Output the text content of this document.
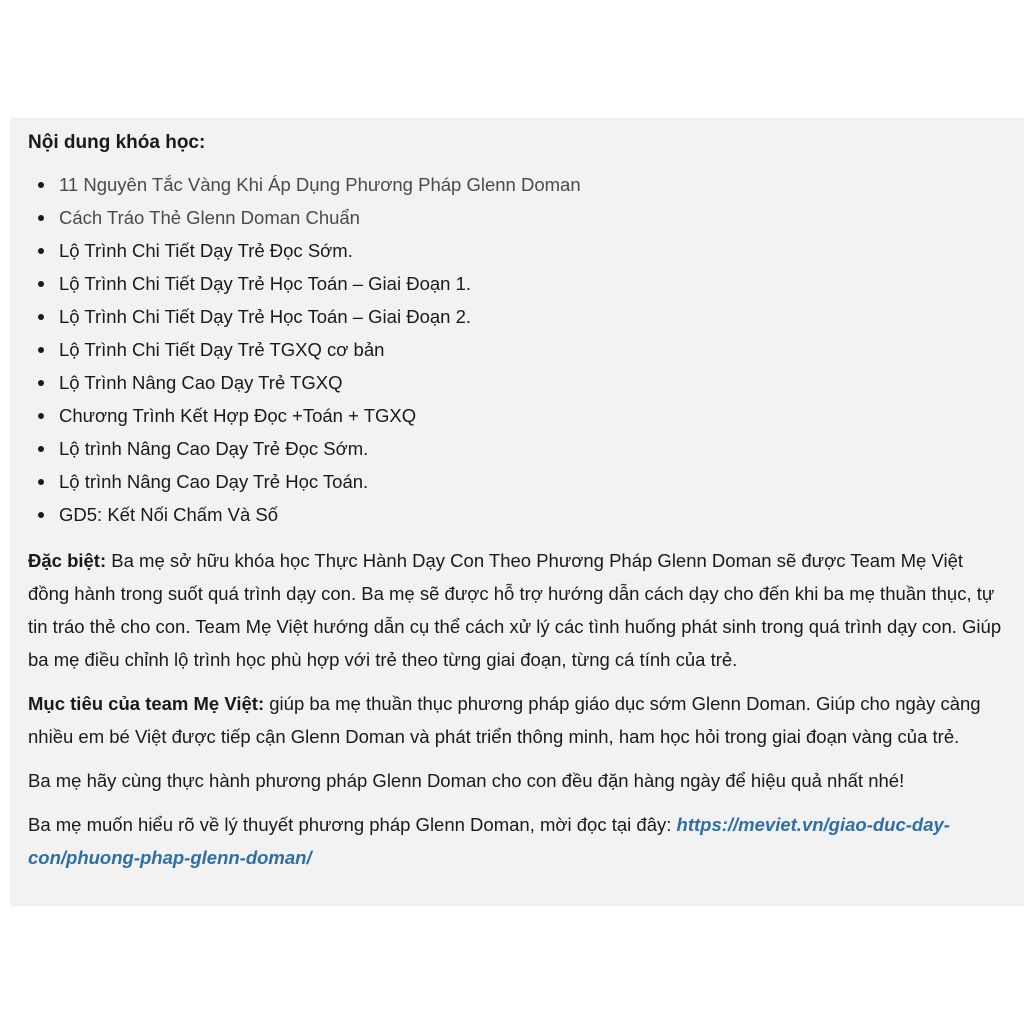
Nội dung khóa học:

11 Nguyên Tắc Vàng Khi Áp Dụng Phương Pháp Glenn Doman
Cách Tráo Thẻ Glenn Doman Chuẩn
Lộ Trình Chi Tiết Dạy Trẻ Đọc Sớm.
Lộ Trình Chi Tiết Dạy Trẻ Học Toán – Giai Đoạn 1.
Lộ Trình Chi Tiết Dạy Trẻ Học Toán – Giai Đoạn 2.
Lộ Trình Chi Tiết Dạy Trẻ TGXQ cơ bản
Lộ Trình Nâng Cao Dạy Trẻ TGXQ
Chương Trình Kết Hợp Đọc +Toán + TGXQ
Lộ trình Nâng Cao Dạy Trẻ Đọc Sớm.
Lộ trình Nâng Cao Dạy Trẻ Học Toán.
GD5: Kết Nối Chấm Và Số

Đặc biệt: Ba mẹ sở hữu khóa học Thực Hành Dạy Con Theo Phương Pháp Glenn Doman sẽ được Team Mẹ Việt đồng hành trong suốt quá trình dạy con. Ba mẹ sẽ được hỗ trợ hướng dẫn cách dạy cho đến khi ba mẹ thuần thục, tự tin tráo thẻ cho con. Team Mẹ Việt hướng dẫn cụ thể cách xử lý các tình huống phát sinh trong quá trình dạy con. Giúp ba mẹ điều chỉnh lộ trình học phù hợp với trẻ theo từng giai đoạn, từng cá tính của trẻ.

Mục tiêu của team Mẹ Việt: giúp ba mẹ thuần thục phương pháp giáo dục sớm Glenn Doman. Giúp cho ngày càng nhiều em bé Việt được tiếp cận Glenn Doman và phát triển thông minh, ham học hỏi trong giai đoạn vàng của trẻ.

Ba mẹ hãy cùng thực hành phương pháp Glenn Doman cho con đều đặn hàng ngày để hiệu quả nhất nhé!

Ba mẹ muốn hiểu rõ về lý thuyết phương pháp Glenn Doman, mời đọc tại đây: https://meviet.vn/giao-duc-day-con/phuong-phap-glenn-doman/
